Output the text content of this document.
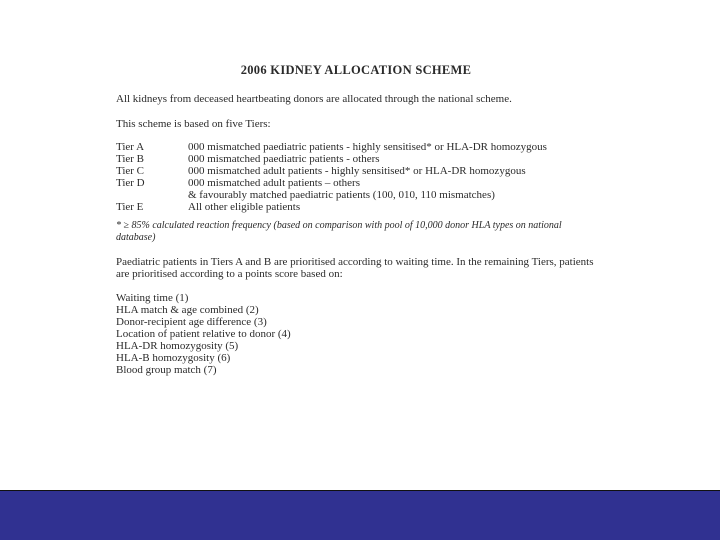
2006 KIDNEY ALLOCATION SCHEME
All kidneys from deceased heartbeating donors are allocated through the national scheme.
This scheme is based on five Tiers:
Tier A	000 mismatched paediatric patients - highly sensitised* or HLA-DR homozygous
Tier B	000 mismatched paediatric patients - others
Tier C	000 mismatched adult patients - highly sensitised* or HLA-DR homozygous
Tier D	000 mismatched adult patients – others
& favourably matched paediatric patients (100, 010, 110 mismatches)
Tier E	All other eligible patients
* ≥ 85% calculated reaction frequency (based on comparison with pool of 10,000 donor HLA types on national database)
Paediatric patients in Tiers A and B are prioritised according to waiting time. In the remaining Tiers, patients are prioritised according to a points score based on:
Waiting time (1)
HLA match & age combined (2)
Donor-recipient age difference (3)
Location of patient relative to donor (4)
HLA-DR homozygosity (5)
HLA-B homozygosity (6)
Blood group match (7)
